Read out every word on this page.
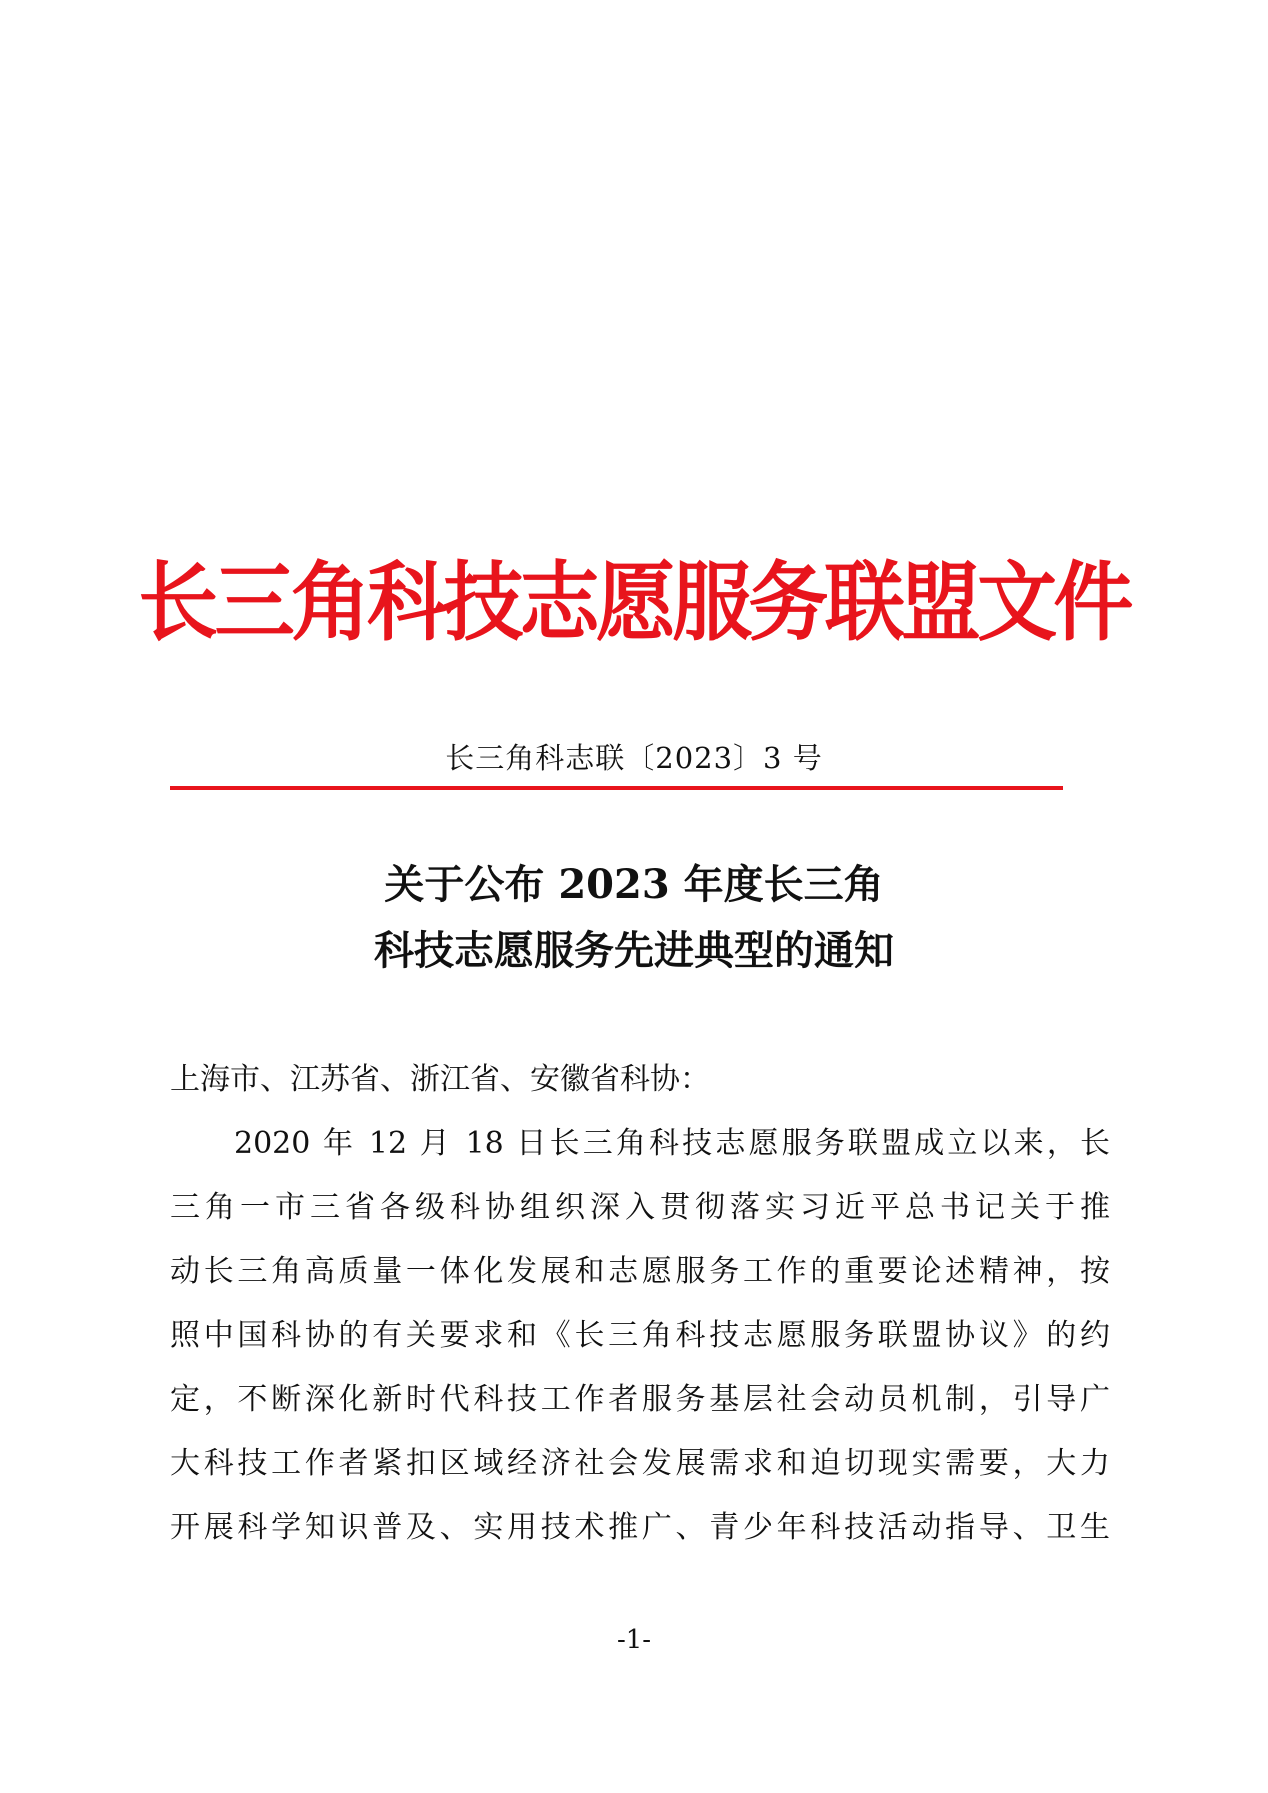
长三角科技志愿服务联盟文件
长三角科志联〔2023〕3 号
关于公布 2023 年度长三角
科技志愿服务先进典型的通知
上海市、江苏省、浙江省、安徽省科协：
2020 年 12 月 18 日长三角科技志愿服务联盟成立以来，长
三角一市三省各级科协组织深入贯彻落实习近平总书记关于推
动长三角高质量一体化发展和志愿服务工作的重要论述精神，按
照中国科协的有关要求和《长三角科技志愿服务联盟协议》的约
定，不断深化新时代科技工作者服务基层社会动员机制，引导广
大科技工作者紧扣区域经济社会发展需求和迫切现实需要，大力
开展科学知识普及、实用技术推广、青少年科技活动指导、卫生
-1-
